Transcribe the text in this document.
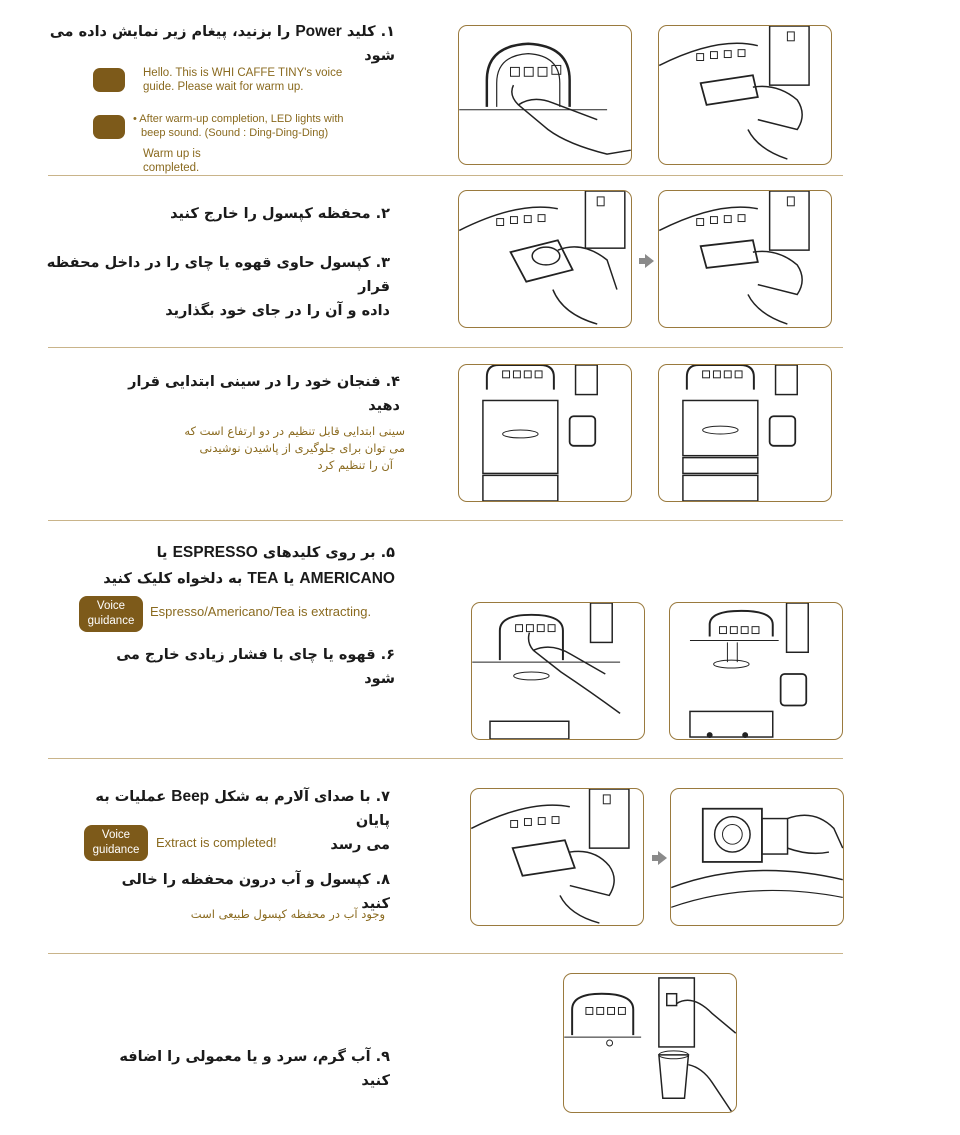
۱. کلید Power را بزنید، پیغام زیر نمایش داده می شود
Hello. This is WHI CAFFE TINY's voice guide. Please wait for warm up.
• After warm-up completion, LED lights with
beep sound. (Sound : Ding-Ding-Ding)
Warm up is
completed.
۲. محفظه کپسول را خارج کنید
۳. کپسول حاوی قهوه یا چای را در داخل محفظه قرار
داده و آن را در جای خود بگذارید
۴. فنجان خود را در سینی ابتدایی قرار دهید
سینی ابتدایی قابل تنظیم در دو ارتفاع است که
می توان برای جلوگیری از پاشیدن نوشیدنی
آن را تنظیم کرد
۵. بر روی کلیدهای ESPRESSO یا
AMERICANO یا TEA به دلخواه کلیک کنید
Voice
guidance
Espresso/Americano/Tea is extracting.
۶. قهوه یا چای با فشار زیادی خارج می شود
۷. با صدای آلارم به شکل Beep عملیات به پایان
می رسد
Voice
guidance	Extract is completed!
۸. کپسول و آب درون محفظه را خالی کنید
وجود آب در محفظه کپسول طبیعی است
۹. آب گرم، سرد و یا معمولی را اضافه کنید
